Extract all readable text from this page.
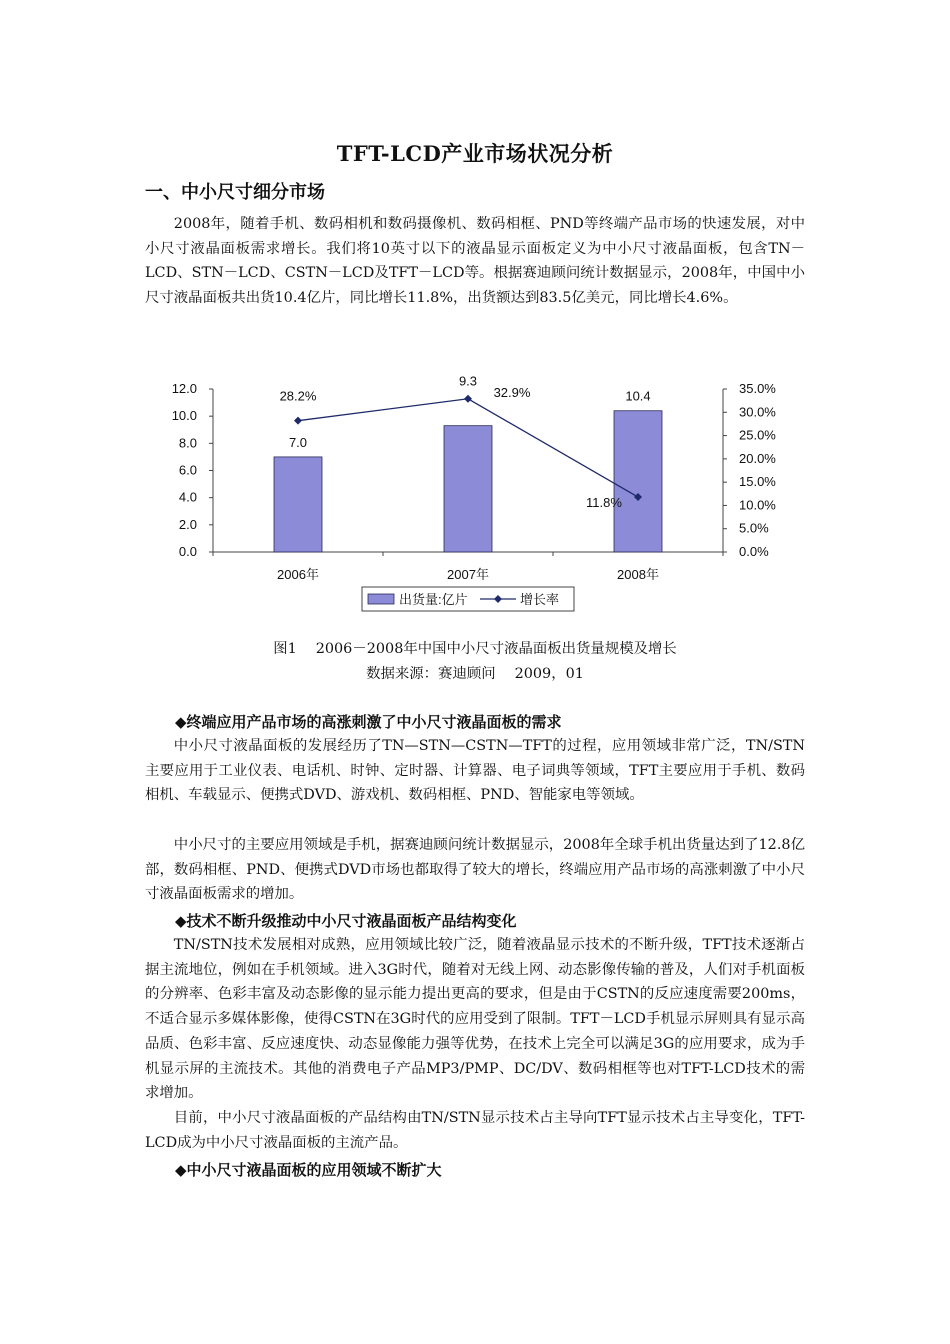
TFT-LCD产业市场状况分析
一、中小尺寸细分市场

2008年，随着手机、数码相机和数码摄像机、数码相框、PND等终端产品市场的快速发展，对中小尺寸液晶面板需求增长。我们将10英寸以下的液晶显示面板定义为中小尺寸液晶面板，包含TN－LCD、STN－LCD、CSTN－LCD及TFT－LCD等。根据赛迪顾问统计数据显示，2008年，中国中小尺寸液晶面板共出货10.4亿片，同比增长11.8%，出货额达到83.5亿美元，同比增长4.6%。

0.0
2.0
4.0
6.0
8.0
10.0
12.0
0.0%
5.0%
10.0%
15.0%
20.0%
25.0%
30.0%
35.0%
2006年	2007年	2008年
7.0
9.3
10.4
28.2%	32.9%
11.8%
出货量:亿片	增长率
图1　 2006－2008年中国中小尺寸液晶面板出货量规模及增长
数据来源：赛迪顾问　 2009，01
◆终端应用产品市场的高涨刺激了中小尺寸液晶面板的需求

中小尺寸液晶面板的发展经历了TN—STN—CSTN—TFT的过程，应用领域非常广泛，TN/STN主要应用于工业仪表、电话机、时钟、定时器、计算器、电子词典等领域，TFT主要应用于手机、数码相机、车载显示、便携式DVD、游戏机、数码相框、PND、智能家电等领域。

中小尺寸的主要应用领域是手机，据赛迪顾问统计数据显示，2008年全球手机出货量达到了12.8亿部，数码相框、PND、便携式DVD市场也都取得了较大的增长，终端应用产品市场的高涨刺激了中小尺寸液晶面板需求的增加。

◆技术不断升级推动中小尺寸液晶面板产品结构变化

TN/STN技术发展相对成熟，应用领域比较广泛，随着液晶显示技术的不断升级，TFT技术逐渐占据主流地位，例如在手机领域。进入3G时代，随着对无线上网、动态影像传输的普及，人们对手机面板的分辨率、色彩丰富及动态影像的显示能力提出更高的要求，但是由于CSTN的反应速度需要200ms，不适合显示多媒体影像，使得CSTN在3G时代的应用受到了限制。TFT－LCD手机显示屏则具有显示高品质、色彩丰富、反应速度快、动态显像能力强等优势，在技术上完全可以满足3G的应用要求，成为手机显示屏的主流技术。其他的消费电子产品MP3/PMP、DC/DV、数码相框等也对TFT-LCD技术的需求增加。

目前，中小尺寸液晶面板的产品结构由TN/STN显示技术占主导向TFT显示技术占主导变化，TFT-LCD成为中小尺寸液晶面板的主流产品。

◆中小尺寸液晶面板的应用领域不断扩大
